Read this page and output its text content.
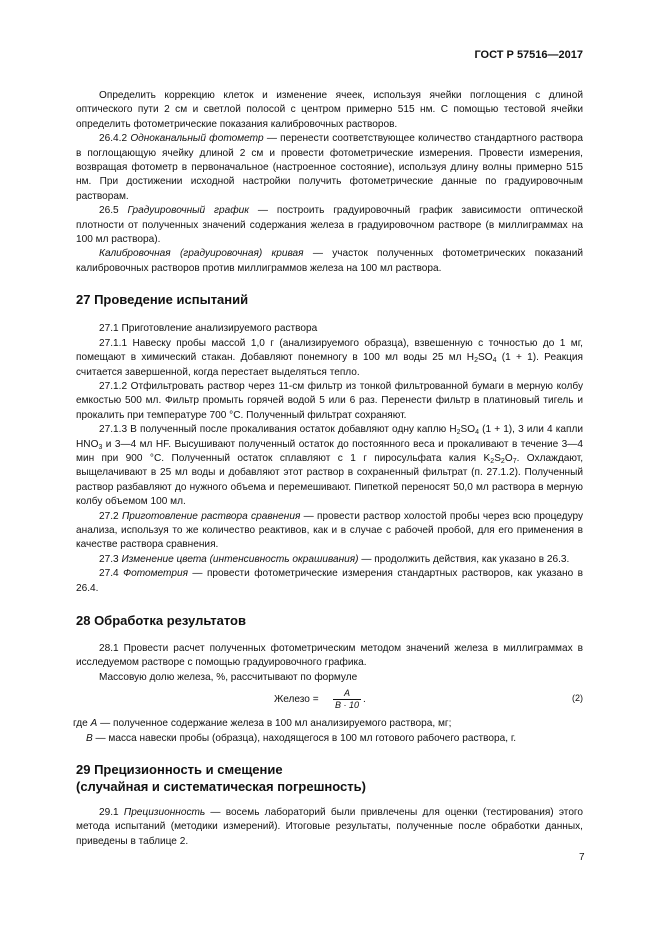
ГОСТ Р 57516—2017

Определить коррекцию клеток и изменение ячеек, используя ячейки поглощения с длиной оптического пути 2 см и светлой полосой с центром примерно 515 нм. С помощью тестовой ячейки определить фотометрические показания калибровочных растворов.

26.4.2 Одноканальный фотометр — перенести соответствующее количество стандартного раствора в поглощающую ячейку длиной 2 см и провести фотометрические измерения. Провести измерения, возвращая фотометр в первоначальное (настроенное состояние), используя длину волны примерно 515 нм. При достижении исходной настройки получить фотометрические данные по градуировочным растворам.

26.5 Градуировочный график — построить градуировочный график зависимости оптической плотности от полученных значений содержания железа в градуировочном растворе (в миллиграммах на 100 мл раствора).

Калибровочная (градуировочная) кривая — участок полученных фотометрических показаний калибровочных растворов против миллиграммов железа на 100 мл раствора.

27 Проведение испытаний

27.1 Приготовление анализируемого раствора

27.1.1 Навеску пробы массой 1,0 г (анализируемого образца), взвешенную с точностью до 1 мг, помещают в химический стакан. Добавляют понемногу в 100 мл воды 25 мл $H_2SO_4$ (1 + 1). Реакция считается завершенной, когда перестает выделяться тепло.

27.1.2 Отфильтровать раствор через 11-см фильтр из тонкой фильтрованной бумаги в мерную колбу емкостью 500 мл. Фильтр промыть горячей водой 5 или 6 раз. Перенести фильтр в платиновый тигель и прокалить при температуре 700 °C. Полученный фильтрат сохраняют.

27.1.3 В полученный после прокаливания остаток добавляют одну каплю $H_2SO_4$ (1 + 1), 3 или 4 капли $HNO_3$ и 3—4 мл HF. Высушивают полученный остаток до постоянного веса и прокаливают в течение 3—4 мин при 900 °C. Полученный остаток сплавляют с 1 г пиросульфата калия $K_2S_2O_7$. Охлаждают, выщелачивают в 25 мл воды и добавляют этот раствор в сохраненный фильтрат (п. 27.1.2). Полученный раствор разбавляют до нужного объема и перемешивают. Пипеткой переносят 50,0 мл раствора в мерную колбу объемом 100 мл.

27.2 Приготовление раствора сравнения — провести раствор холостой пробы через всю процедуру анализа, используя то же количество реактивов, как и в случае с рабочей пробой, для его применения в качестве раствора сравнения.

27.3 Изменение цвета (интенсивность окрашивания) — продолжить действия, как указано в 26.3.

27.4 Фотометрия — провести фотометрические измерения стандартных растворов, как указано в 26.4.

28 Обработка результатов

28.1 Провести расчет полученных фотометрическим методом значений железа в миллиграммах в исследуемом растворе с помощью градуировочного графика.

Массовую долю железа, %, рассчитывают по формуле

Железо =
A
B · 10 .	(2)

где A — полученное содержание железа в 100 мл анализируемого раствора, мг;

B — масса навески пробы (образца), находящегося в 100 мл готового рабочего раствора, г.

29 Прецизионность и смещение
(случайная и систематическая погрешность)

29.1 Прецизионность — восемь лабораторий были привлечены для оценки (тестирования) этого метода испытаний (методики измерений). Итоговые результаты, полученные после обработки данных, приведены в таблице 2.

7
